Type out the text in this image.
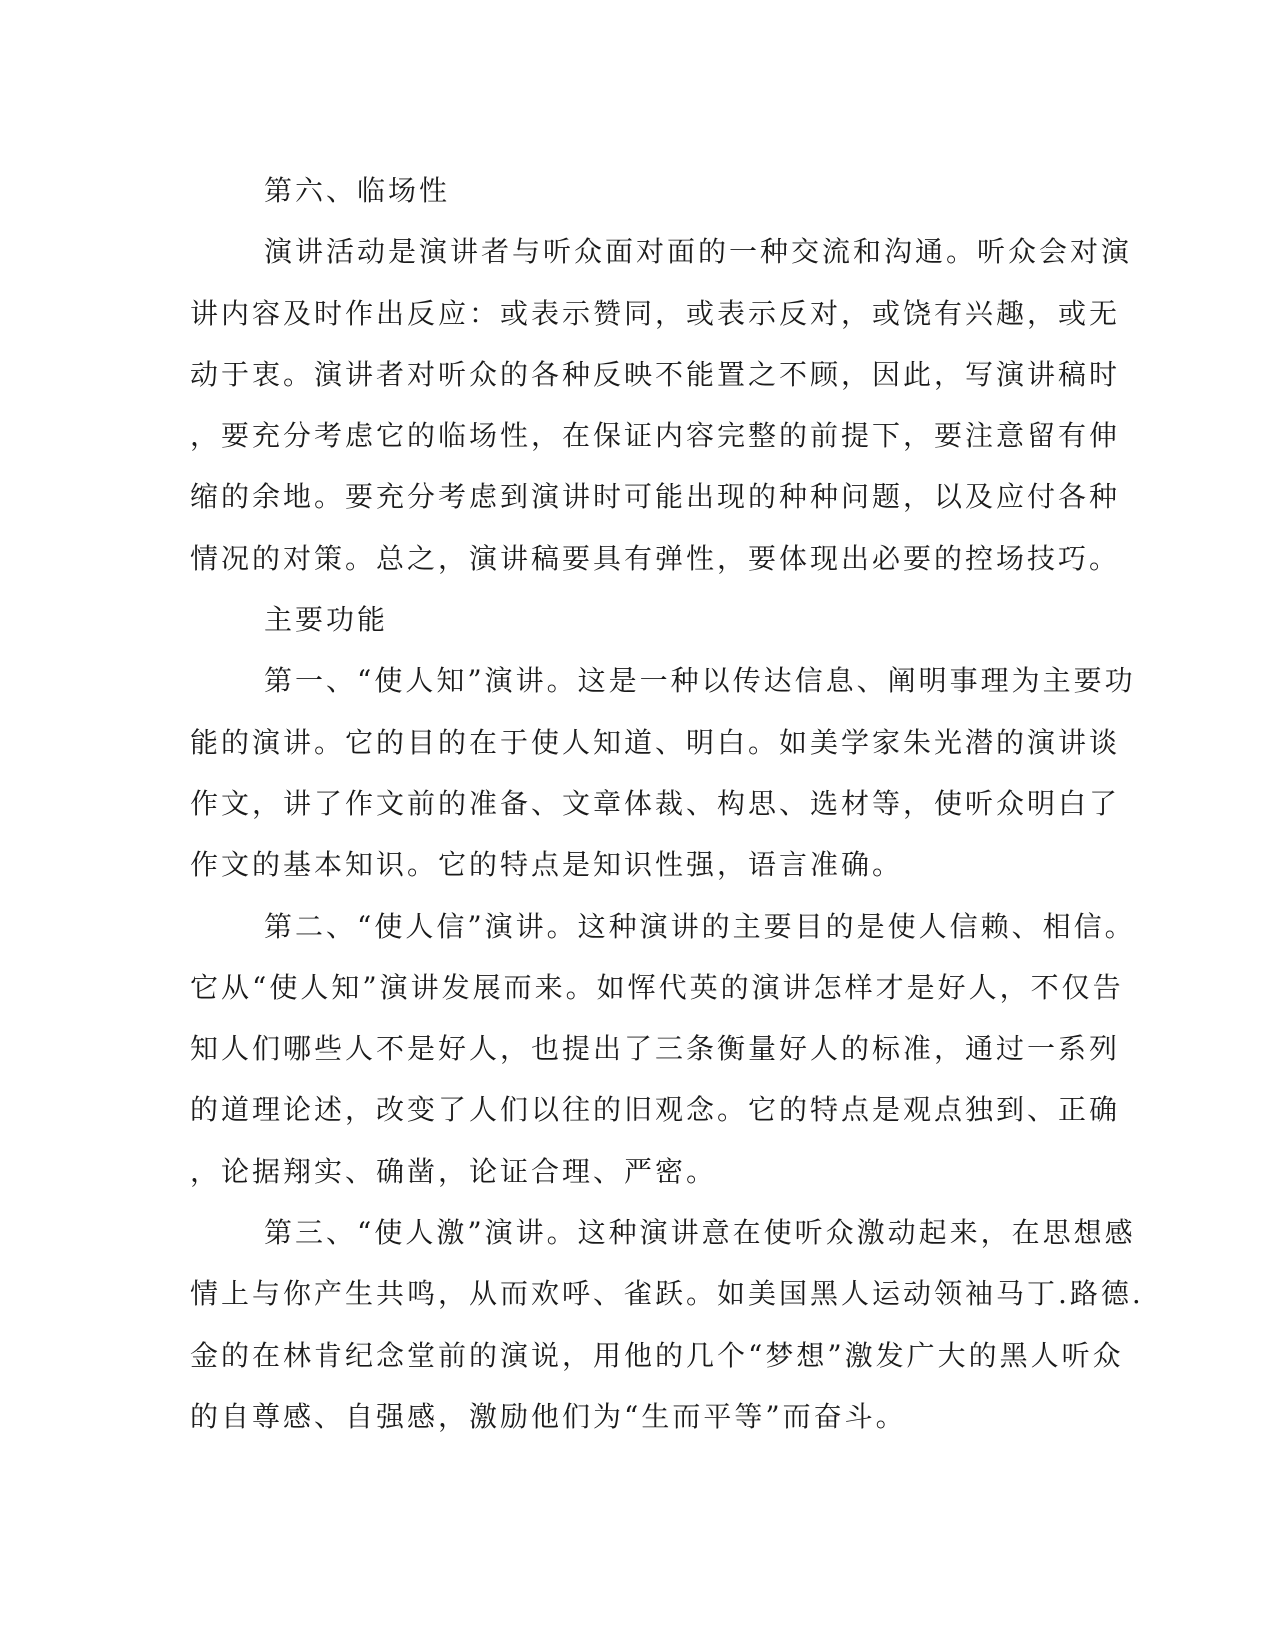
第六、临场性
演讲活动是演讲者与听众面对面的一种交流和沟通。听众会对演
讲内容及时作出反应：或表示赞同，或表示反对，或饶有兴趣，或无
动于衷。演讲者对听众的各种反映不能置之不顾，因此，写演讲稿时
，要充分考虑它的临场性，在保证内容完整的前提下，要注意留有伸
缩的余地。要充分考虑到演讲时可能出现的种种问题，以及应付各种
情况的对策。总之，演讲稿要具有弹性，要体现出必要的控场技巧。
主要功能
第一、“使人知”演讲。这是一种以传达信息、阐明事理为主要功
能的演讲。它的目的在于使人知道、明白。如美学家朱光潜的演讲谈
作文，讲了作文前的准备、文章体裁、构思、选材等，使听众明白了
作文的基本知识。它的特点是知识性强，语言准确。
第二、“使人信”演讲。这种演讲的主要目的是使人信赖、相信。
它从“使人知”演讲发展而来。如恽代英的演讲怎样才是好人，不仅告
知人们哪些人不是好人，也提出了三条衡量好人的标准，通过一系列
的道理论述，改变了人们以往的旧观念。它的特点是观点独到、正确
，论据翔实、确凿，论证合理、严密。
第三、“使人激”演讲。这种演讲意在使听众激动起来，在思想感
情上与你产生共鸣，从而欢呼、雀跃。如美国黑人运动领袖马丁.路德.
金的在林肯纪念堂前的演说，用他的几个“梦想”激发广大的黑人听众
的自尊感、自强感，激励他们为“生而平等”而奋斗。
